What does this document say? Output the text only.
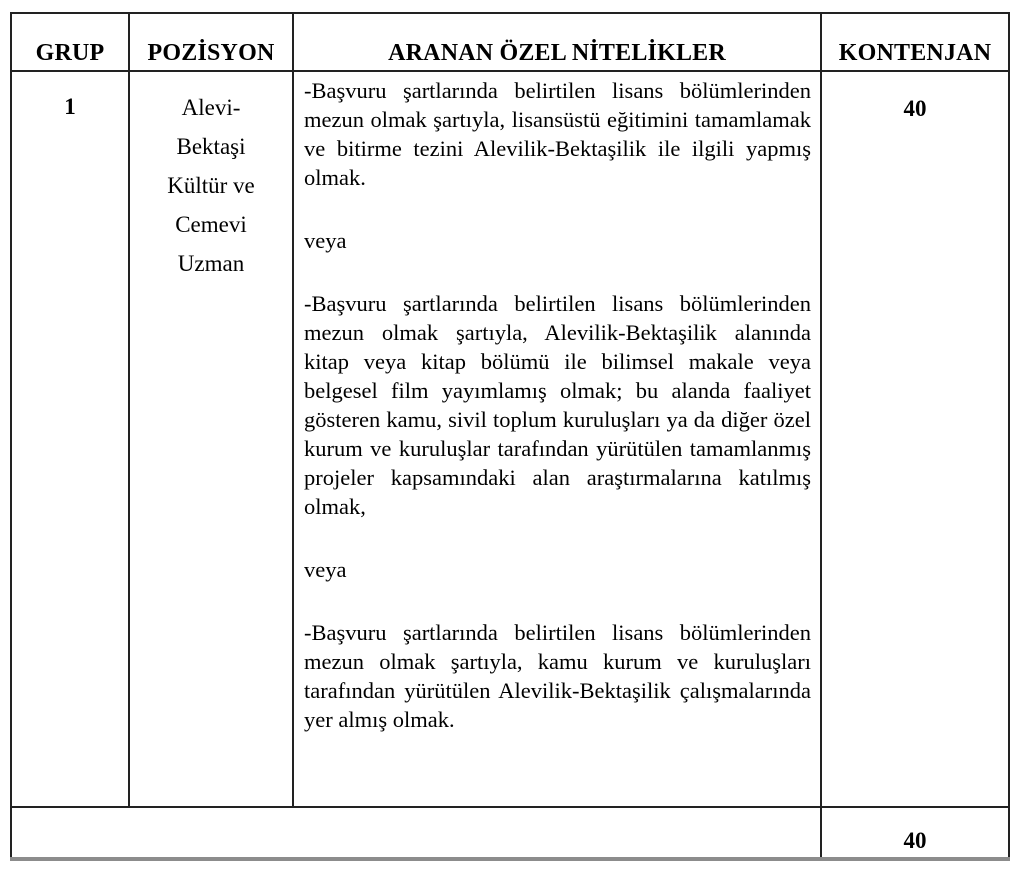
GRUP	POZİSYON	ARANAN ÖZEL NİTELİKLER	KONTENJAN
1	Alevi-Bektaşi Kültür ve Cemevi Uzman	-Başvuru şartlarında belirtilen lisans bölümlerinden mezun olmak şartıyla, lisansüstü eğitimini tamamlamak ve bitirme tezini Alevilik-Bektaşilik ile ilgili yapmış olmak.

veya

-Başvuru şartlarında belirtilen lisans bölümlerinden mezun olmak şartıyla, Alevilik-Bektaşilik alanında kitap veya kitap bölümü ile bilimsel makale veya belgesel film yayımlamış olmak; bu alanda faaliyet gösteren kamu, sivil toplum kuruluşları ya da diğer özel kurum ve kuruluşlar tarafından yürütülen tamamlanmış projeler kapsamındaki alan araştırmalarına katılmış olmak,

veya

-Başvuru şartlarında belirtilen lisans bölümlerinden mezun olmak şartıyla, kamu kurum ve kuruluşları tarafından yürütülen Alevilik-Bektaşilik çalışmalarında yer almış olmak.	40
			40
